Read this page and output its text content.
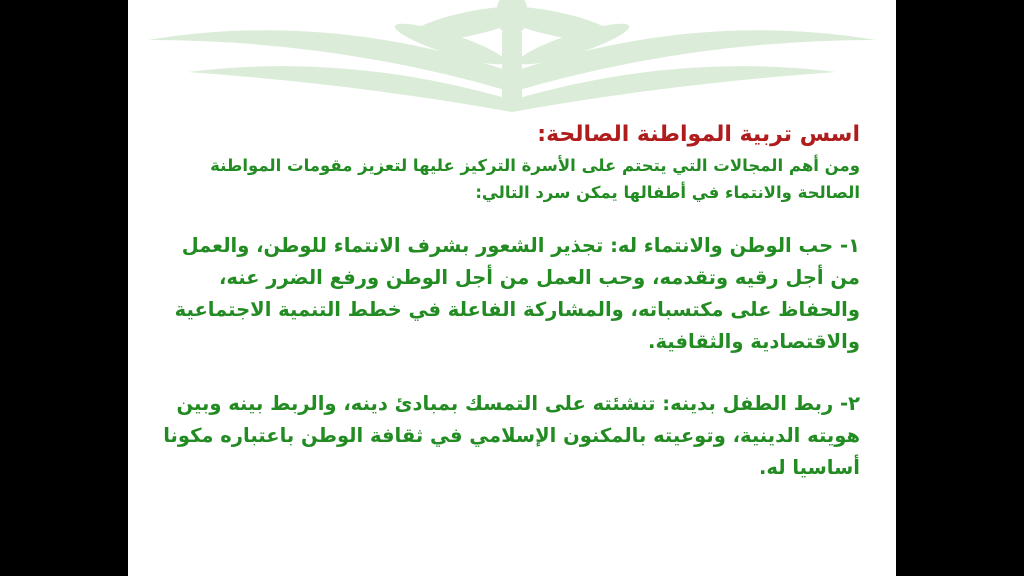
اسس تربية المواطنة الصالحة:

ومن أهم المجالات التي يتحتم على الأسرة التركيز عليها لتعزيز مقومات المواطنة الصالحة والانتماء في أطفالها يمكن سرد التالي:

١- حب الوطن والانتماء له: تجذير الشعور بشرف الانتماء للوطن، والعمل من أجل رقيه وتقدمه، وحب العمل من أجل الوطن ورفع الضرر عنه، والحفاظ على مكتسباته، والمشاركة الفاعلة في خطط التنمية الاجتماعية والاقتصادية والثقافية.

٢- ربط الطفل بدينه: تنشئته على التمسك بمبادئ دينه، والربط بينه وبين هويته الدينية، وتوعيته بالمكنون الإسلامي في ثقافة الوطن باعتباره مكونا أساسيا له.
